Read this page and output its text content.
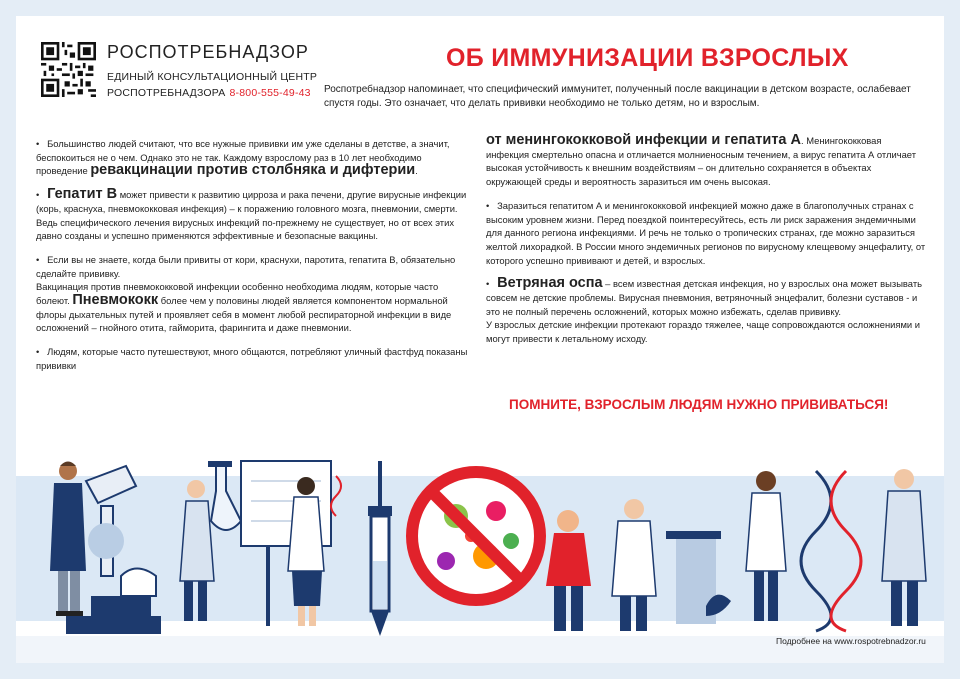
РОСПОТРЕБНАДЗОР
ЕДИНЫЙ КОНСУЛЬТАЦИОННЫЙ ЦЕНТР
РОСПОТРЕБНАДЗОРА 8-800-555-49-43
ОБ ИММУНИЗАЦИИ ВЗРОСЛЫХ
Роспотребнадзор напоминает, что специфический иммунитет, полученный после вакцинации в детском возрасте, ослабевает спустя годы. Это означает, что делать прививки необходимо не только детям, но и взрослым.

•   Большинство людей считают, что все нужные прививки им уже сделаны в детстве, а значит, беспокоиться не о чем. Однако это не так. Каждому взрослому раз в 10 лет необходимо проведение ревакцинации против столбняка и дифтерии.

•   Гепатит В может привести к развитию цирроза и рака печени, другие вирусные инфекции (корь, краснуха, пневмококковая инфекция) – к поражению головного мозга, пневмонии, смерти. Ведь специфического лечения вирусных инфекций по-прежнему не существует, но от всех этих давно созданы и успешно применяются эффективные и безопасные вакцины.

•   Если вы не знаете, когда были привиты от кори, краснухи, паротита, гепатита В, обязательно сделайте прививку.
Вакцинация против пневмококковой инфекции особенно необходима людям, которые часто болеют. Пневмококк более чем у половины людей является компонентом нормальной флоры дыхательных путей и проявляет себя в момент любой респираторной инфекции в виде осложнений – гнойного отита, гайморита, фарингита и даже пневмонии.

•   Людям, которые часто путешествуют, много общаются, потребляют уличный фастфуд показаны прививки

от менингококковой инфекции и гепатита А. Менингококковая инфекция смертельно опасна и отличается молниеносным течением, а вирус гепатита А отличает высокая устойчивость к внешним воздействиям – он длительно сохраняется в объектах окружающей среды и вероятность заразиться им очень высокая.

•   Заразиться гепатитом А и менингококковой инфекцией можно даже в благополучных странах с высоким уровнем жизни. Перед поездкой поинтересуйтесь, есть ли риск заражения эндемичными для данного региона инфекциями. И речь не только о тропических странах, где можно заразиться желтой лихорадкой. В России много эндемичных регионов по вирусному клещевому энцефалиту, от которого успешно прививают и детей, и взрослых.

•   Ветряная оспа – всем известная детская инфекция, но у взрослых она может вызывать совсем не детские проблемы. Вирусная пневмония, ветряночный энцефалит, болезни суставов - и это не полный перечень осложнений, которых можно избежать, сделав прививку.
У взрослых детские инфекции протекают гораздо тяжелее, чаще сопровождаются осложнениями и могут привести к летальному исходу.

ПОМНИТЕ, ВЗРОСЛЫМ ЛЮДЯМ НУЖНО ПРИВИВАТЬСЯ!
Подробнее на www.rospotrebnadzor.ru
